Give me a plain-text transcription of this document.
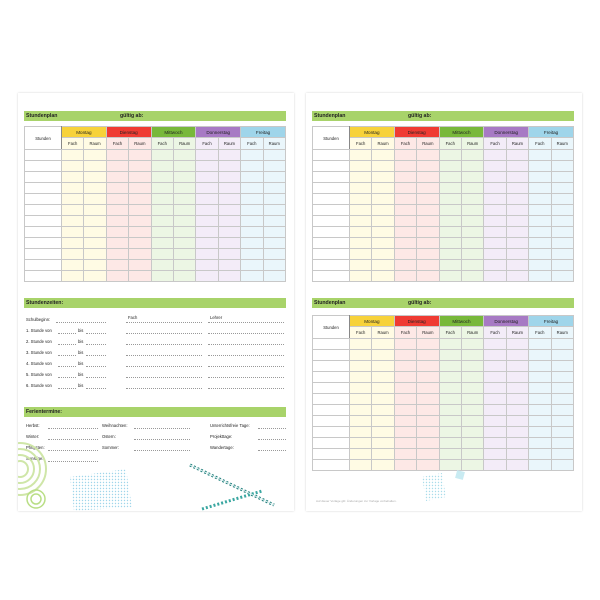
Stundenplan	gültig ab:
Stunden	Montag		Dienstag		Mittwoch		Donnerstag		Freitag	
	Fach	Raum	Fach	Raum	Fach	Raum	Fach	Raum	Fach	Raum

Stundenzeiten:
Fach	Lehrer
Schulbeginn:
1. Stunde von	bis
2. Stunde von	bis
3. Stunde von	bis
4. Stunde von	bis
5. Stunde von	bis
6. Stunde von	bis
Ferientermine:
Herbst:
Winter:
Pfingsten:
Sonstige:
Weihnachten:
Ostern:
Sommer:
Unterrichtsfreie Tage:
Projekttage:
Wandertage:
Stundenplan	gültig ab:
Stunden	Montag		Dienstag		Mittwoch		Donnerstag		Freitag	
	Fach	Raum	Fach	Raum	Fach	Raum	Fach	Raum	Fach	Raum

Stundenplan	gültig ab:
Stunden	Montag		Dienstag		Mittwoch		Donnerstag		Freitag	
	Fach	Raum	Fach	Raum	Fach	Raum	Fach	Raum	Fach	Raum

Auf dieser Vorlage gilt: Änderungen zur Vorlage vorbehalten.
